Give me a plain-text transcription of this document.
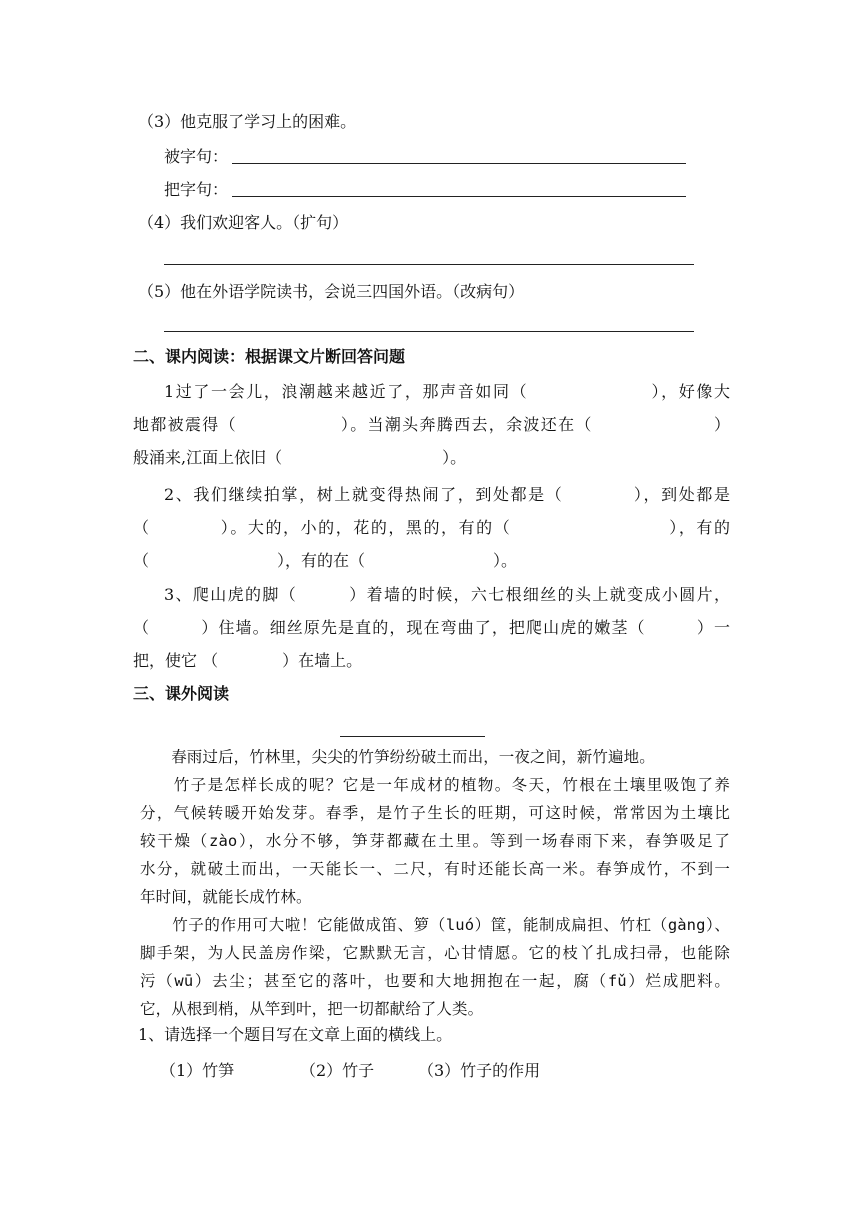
（3）他克服了学习上的困难。
被字句：
把字句：
（4）我们欢迎客人。（扩句）
（5）他在外语学院读书，会说三四国外语。（改病句）
二、课内阅读：根据课文片断回答问题
1过了一会儿，浪潮越来越近了，那声音如同（　　　　　　　），好像大
地都被震得（　　　　　　）。当潮头奔腾西去，余波还在（　　　　　　　）
般涌来,江面上依旧（　　　　　　　　　　）。
2、我们继续拍掌，树上就变得热闹了，到处都是（　　　　），到处都是
（　　　　）。大的，小的，花的，黑的，有的（　　　　　　　　　），有的
（　　　　　　　　），有的在（　　　　　　　　）。
3、爬山虎的脚（　　　）着墙的时候，六七根细丝的头上就变成小圆片，
（　　　）住墙。细丝原先是直的，现在弯曲了，把爬山虎的嫩茎（　　　）一
把，使它 （　　　　）在墙上。
三、课外阅读
　　春雨过后，竹林里，尖尖的竹笋纷纷破土而出，一夜之间，新竹遍地。
　　竹子是怎样长成的呢？它是一年成材的植物。冬天，竹根在土壤里吸饱了养
分，气候转暖开始发芽。春季，是竹子生长的旺期，可这时候，常常因为土壤比
较干燥（zào），水分不够，笋芽都藏在土里。等到一场春雨下来，春笋吸足了
水分，就破土而出，一天能长一、二尺，有时还能长高一米。春笋成竹，不到一
年时间，就能长成竹林。
　　竹子的作用可大啦！它能做成笛、箩（luó）筐，能制成扁担、竹杠（gàng）、
脚手架，为人民盖房作梁，它默默无言，心甘情愿。它的枝丫扎成扫帚，也能除
污（wū）去尘；甚至它的落叶，也要和大地拥抱在一起，腐（fǔ）烂成肥料。
它，从根到梢，从竿到叶，把一切都献给了人类。
1、请选择一个题目写在文章上面的横线上。
（1）竹笋	（2）竹子	（3）竹子的作用
